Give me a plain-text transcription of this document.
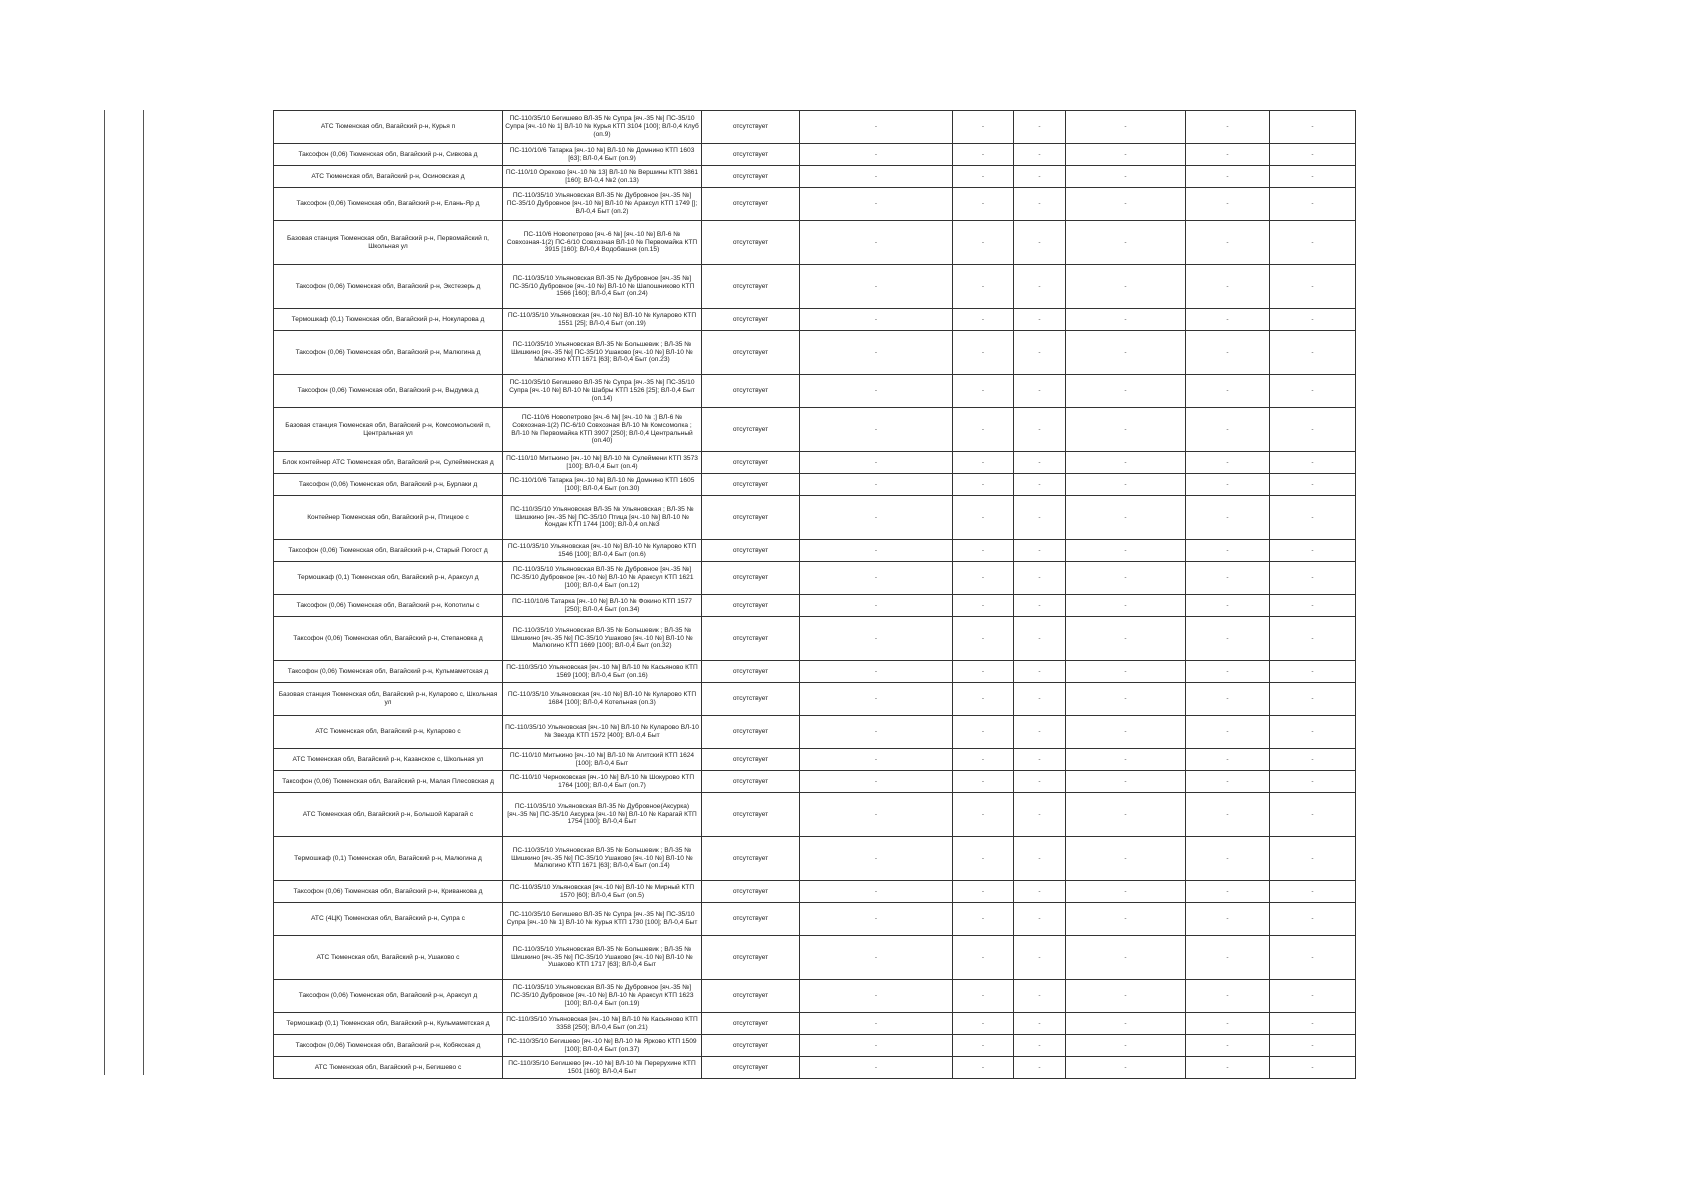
АТС Тюменская обл, Вагайский р-н, Курья п	ПС-110/35/10 Бегишево ВЛ-35 № Супра [яч.-35 №] ПС-35/10 Супра [яч.-10 № 1] ВЛ-10 № Курья КТП 3104 [100]; ВЛ-0,4 Клуб (оп.9)	отсутствует	-	-	-	-	-	-
Таксофон (0,06) Тюменская обл, Вагайский р-н, Сивкова д	ПС-110/10/6 Татарка [яч.-10 №] ВЛ-10 № Домнино КТП 1603 [63]; ВЛ-0,4 Быт (оп.9)	отсутствует	-	-	-	-	-	-
АТС Тюменская обл, Вагайский р-н, Осиновская д	ПС-110/10 Орехово [яч.-10 № 13] ВЛ-10 № Вершины КТП 3861 [160]; ВЛ-0,4 №2 (оп.13)	отсутствует	-	-	-	-	-	-
Таксофон (0,06) Тюменская обл, Вагайский р-н, Елань-Яр д	ПС-110/35/10 Ульяновская ВЛ-35 № Дубровное [яч.-35 №] ПС-35/10 Дубровное [яч.-10 №] ВЛ-10 № Араксул КТП 1749 []; ВЛ-0,4 Быт (оп.2)	отсутствует	-	-	-	-	-	-
Базовая станция Тюменская обл, Вагайский р-н, Первомайский п, Школьная ул	ПС-110/6 Новопетрово [яч.-6 №] [яч.-10 №] ВЛ-6 № Совхозная-1(2) ПС-6/10 Совхозная ВЛ-10 № Первомайка КТП 3915 [160]; ВЛ-0,4 Водобашня (оп.15)	отсутствует	-	-	-	-	-	-
Таксофон (0,06) Тюменская обл, Вагайский р-н, Экстезерь д	ПС-110/35/10 Ульяновская ВЛ-35 № Дубровное [яч.-35 №] ПС-35/10 Дубровное [яч.-10 №] ВЛ-10 № Шапошниково КТП 1566 [160]; ВЛ-0,4 Быт (оп.24)	отсутствует	-	-	-	-	-	-
Термошкаф (0,1) Тюменская обл, Вагайский р-н, Нокуларова д	ПС-110/35/10 Ульяновская [яч.-10 №] ВЛ-10 № Куларово КТП 1551 [25]; ВЛ-0,4 Быт (оп.19)	отсутствует	-	-	-	-	-	-
Таксофон (0,06) Тюменская обл, Вагайский р-н, Малюгина д	ПС-110/35/10 Ульяновская ВЛ-35 № Большевик ; ВЛ-35 № Шишкино [яч.-35 №] ПС-35/10 Ушаково [яч.-10 №] ВЛ-10 № Малюгино КТП 1671 [63]; ВЛ-0,4 Быт (оп.23)	отсутствует	-	-	-	-	-	-
Таксофон (0,06) Тюменская обл, Вагайский р-н, Выдумка д	ПС-110/35/10 Бегишево ВЛ-35 № Супра [яч.-35 №] ПС-35/10 Супра [яч.-10 №] ВЛ-10 № Шабры КТП 1526 [25]; ВЛ-0,4 Быт (оп.14)	отсутствует	-	-	-	-	-	-
Базовая станция Тюменская обл, Вагайский р-н, Комсомольский п, Центральная ул	ПС-110/6 Новопетрово [яч.-6 №] [яч.-10 № ;] ВЛ-6 № Совхозная-1(2) ПС-6/10 Совхозная ВЛ-10 № Комсомолка ; ВЛ-10 № Первомайка КТП 3907 [250]; ВЛ-0,4 Центральный (оп.40)	отсутствует	-	-	-	-	-	-
Блок контейнер АТС Тюменская обл, Вагайский р-н, Сулеймeнская д	ПС-110/10 Митькино [яч.-10 №] ВЛ-10 № Сулеймени КТП 3573 [100]; ВЛ-0,4 Быт (оп.4)	отсутствует	-	-	-	-	-	-
Таксофон (0,06) Тюменская обл, Вагайский р-н, Бурлаки д	ПС-110/10/6 Татарка [яч.-10 №] ВЛ-10 № Домнино КТП 1605 [100]; ВЛ-0,4 Быт (оп.30)	отсутствует	-	-	-	-	-	-
Контейнер Тюменская обл, Вагайский р-н, Птицкое с	ПС-110/35/10 Ульяновская ВЛ-35 № Ульяновская ; ВЛ-35 № Шишкино [яч.-35 №] ПС-35/10 Птица [яч.-10 №] ВЛ-10 № Кондан КТП 1744 [100]; ВЛ-0,4 оп.№3	отсутствует	-	-	-	-	-	-
Таксофон (0,06) Тюменская обл, Вагайский р-н, Старый Погост д	ПС-110/35/10 Ульяновская [яч.-10 №] ВЛ-10 № Куларово КТП 1546 [100]; ВЛ-0,4 Быт (оп.6)	отсутствует	-	-	-	-	-	-
Термошкаф (0,1) Тюменская обл, Вагайский р-н, Араксул д	ПС-110/35/10 Ульяновская ВЛ-35 № Дубровное [яч.-35 №] ПС-35/10 Дубровное [яч.-10 №] ВЛ-10 № Араксул КТП 1621 [100]; ВЛ-0,4 Быт (оп.12)	отсутствует	-	-	-	-	-	-
Таксофон (0,06) Тюменская обл, Вагайский р-н, Копотилы с	ПС-110/10/6 Татарка [яч.-10 №] ВЛ-10 № Фокино КТП 1577 [250]; ВЛ-0,4 Быт (оп.34)	отсутствует	-	-	-	-	-	-
Таксофон (0,06) Тюменская обл, Вагайский р-н, Степановка д	ПС-110/35/10 Ульяновская ВЛ-35 № Большевик ; ВЛ-35 № Шишкино [яч.-35 №] ПС-35/10 Ушаково [яч.-10 №] ВЛ-10 № Малюгино КТП 1669 [100]; ВЛ-0,4 Быт (оп.32)	отсутствует	-	-	-	-	-	-
Таксофон (0,06) Тюменская обл, Вагайский р-н, Кульмаметская д	ПС-110/35/10 Ульяновская [яч.-10 №] ВЛ-10 № Касьяново КТП 1569 [100]; ВЛ-0,4 Быт (оп.16)	отсутствует	-	-	-	-	-	-
Базовая станция Тюменская обл, Вагайский р-н, Куларово с, Школьная ул	ПС-110/35/10 Ульяновская [яч.-10 №] ВЛ-10 № Куларово КТП 1684 [100]; ВЛ-0,4 Котельная (оп.3)	отсутствует	-	-	-	-	-	-
АТС Тюменская обл, Вагайский р-н, Куларово с	ПС-110/35/10 Ульяновская [яч.-10 №] ВЛ-10 № Куларово ВЛ-10 № Звезда КТП 1572 [400]; ВЛ-0,4 Быт	отсутствует	-	-	-	-	-	-
АТС Тюменская обл, Вагайский р-н, Казанское с, Школьная ул	ПС-110/10 Митькино [яч.-10 №] ВЛ-10 № Агитский КТП 1624 [100]; ВЛ-0,4 Быт	отсутствует	-	-	-	-	-	-
Таксофон (0,06) Тюменская обл, Вагайский р-н, Малая Плесовская д	ПС-110/10 Черноковская [яч.-10 №] ВЛ-10 № Шокурово КТП 1764 [100]; ВЛ-0,4 Быт (оп.7)	отсутствует	-	-	-	-	-	-
АТС Тюменская обл, Вагайский р-н, Большой Карагай с	ПС-110/35/10 Ульяновская ВЛ-35 № Дубровное(Аксурка) [яч.-35 №] ПС-35/10 Аксурка [яч.-10 №] ВЛ-10 № Карагай КТП 1754 [100]; ВЛ-0,4 Быт	отсутствует	-	-	-	-	-	-
Термошкаф (0,1) Тюменская обл, Вагайский р-н, Малюгина д	ПС-110/35/10 Ульяновская ВЛ-35 № Большевик ; ВЛ-35 № Шишкино [яч.-35 №] ПС-35/10 Ушаково [яч.-10 №] ВЛ-10 № Малюгино КТП 1671 [63]; ВЛ-0,4 Быт (оп.14)	отсутствует	-	-	-	-	-	-
Таксофон (0,06) Тюменская обл, Вагайский р-н, Криванкова д	ПС-110/35/10 Ульяновская [яч.-10 №] ВЛ-10 № Мирный КТП 1570 [60]; ВЛ-0,4 Быт (оп.5)	отсутствует	-	-	-	-	-	-
АТС (4ЦК) Тюменская обл, Вагайский р-н, Супра с	ПС-110/35/10 Бегишево ВЛ-35 № Супра [яч.-35 №] ПС-35/10 Супра [яч.-10 № 1] ВЛ-10 № Курья КТП 1730 [100]; ВЛ-0,4 Быт	отсутствует	-	-	-	-	-	-
АТС Тюменская обл, Вагайский р-н, Ушаково с	ПС-110/35/10 Ульяновская ВЛ-35 № Большевик ; ВЛ-35 № Шишкино [яч.-35 №] ПС-35/10 Ушаково [яч.-10 №] ВЛ-10 № Ушаково КТП 1717 [63]; ВЛ-0,4 Быт	отсутствует	-	-	-	-	-	-
Таксофон (0,06) Тюменская обл, Вагайский р-н, Араксул д	ПС-110/35/10 Ульяновская ВЛ-35 № Дубровное [яч.-35 №] ПС-35/10 Дубровное [яч.-10 №] ВЛ-10 № Араксул КТП 1623 [100]; ВЛ-0,4 Быт (оп.19)	отсутствует	-	-	-	-	-	-
Термошкаф (0,1) Тюменская обл, Вагайский р-н, Кульмаметская д	ПС-110/35/10 Ульяновская [яч.-10 №] ВЛ-10 № Касьяново КТП 3358 [250]; ВЛ-0,4 Быт (оп.21)	отсутствует	-	-	-	-	-	-
Таксофон (0,06) Тюменская обл, Вагайский р-н, Кобякская д	ПС-110/35/10 Бегишево [яч.-10 №] ВЛ-10 № Ярково КТП 1509 [100]; ВЛ-0,4 Быт (оп.37)	отсутствует	-	-	-	-	-	-
АТС Тюменская обл, Вагайский р-н, Бегишево с	ПС-110/35/10 Бегишево [яч.-10 №] ВЛ-10 № Перерухине КТП 1501 [160]; ВЛ-0,4 Быт	отсутствует	-	-	-	-	-	-
